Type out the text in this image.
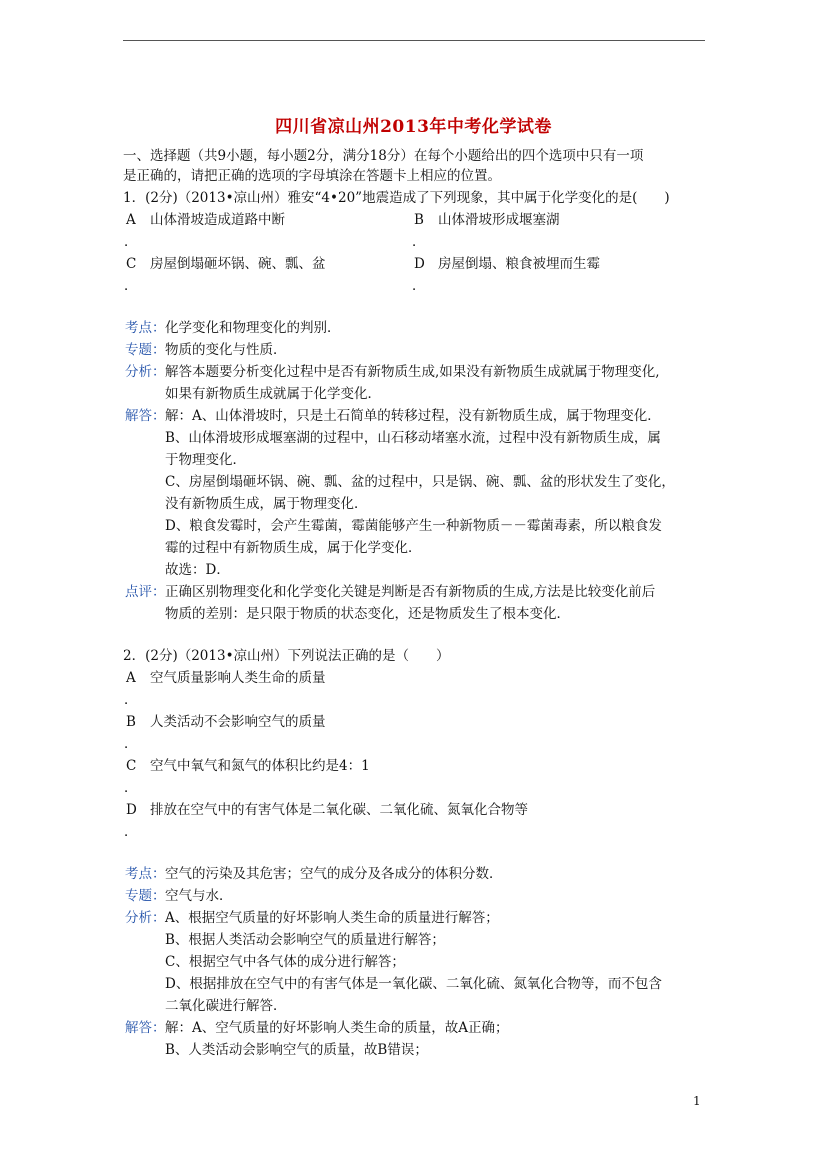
四川省凉山州2013年中考化学试卷
一、选择题（共9小题，每小题2分，满分18分）在每个小题给出的四个选项中只有一项
是正确的，请把正确的选项的字母填涂在答题卡上相应的位置。
1．(2分)（2013•凉山州）雅安“4•20”地震造成了下列现象，其中属于化学变化的是(　　)
A 山体滑坡造成道路中断	B 山体滑坡形成堰塞湖
．	．
C 房屋倒塌砸坏锅、碗、瓢、盆	D 房屋倒塌、粮食被埋而生霉
．	．
考点： 化学变化和物理变化的判别．
专题： 物质的变化与性质．
分析： 解答本题要分析变化过程中是否有新物质生成,如果没有新物质生成就属于物理变化,
如果有新物质生成就属于化学变化．
解答： 解：A、山体滑坡时，只是土石简单的转移过程，没有新物质生成，属于物理变化．
B、山体滑坡形成堰塞湖的过程中，山石移动堵塞水流，过程中没有新物质生成，属
于物理变化．
C、房屋倒塌砸坏锅、碗、瓢、盆的过程中，只是锅、碗、瓢、盆的形状发生了变化，
没有新物质生成，属于物理变化．
D、粮食发霉时，会产生霉菌，霉菌能够产生一种新物质－－霉菌毒素，所以粮食发
霉的过程中有新物质生成，属于化学变化．
故选：D．
点评： 正确区别物理变化和化学变化关键是判断是否有新物质的生成,方法是比较变化前后
物质的差别：是只限于物质的状态变化，还是物质发生了根本变化．
2．(2分)（2013•凉山州）下列说法正确的是（　　）
A 空气质量影响人类生命的质量
．
B 人类活动不会影响空气的质量
．
C 空气中氧气和氮气的体积比约是4：1
．
D 排放在空气中的有害气体是二氧化碳、二氧化硫、氮氧化合物等
．
考点： 空气的污染及其危害；空气的成分及各成分的体积分数．
专题： 空气与水．
分析： A、根据空气质量的好坏影响人类生命的质量进行解答；
B、根据人类活动会影响空气的质量进行解答；
C、根据空气中各气体的成分进行解答；
D、根据排放在空气中的有害气体是一氧化碳、二氧化硫、氮氧化合物等，而不包含
二氧化碳进行解答．
解答： 解：A、空气质量的好坏影响人类生命的质量，故A正确；
B、人类活动会影响空气的质量，故B错误；
1
